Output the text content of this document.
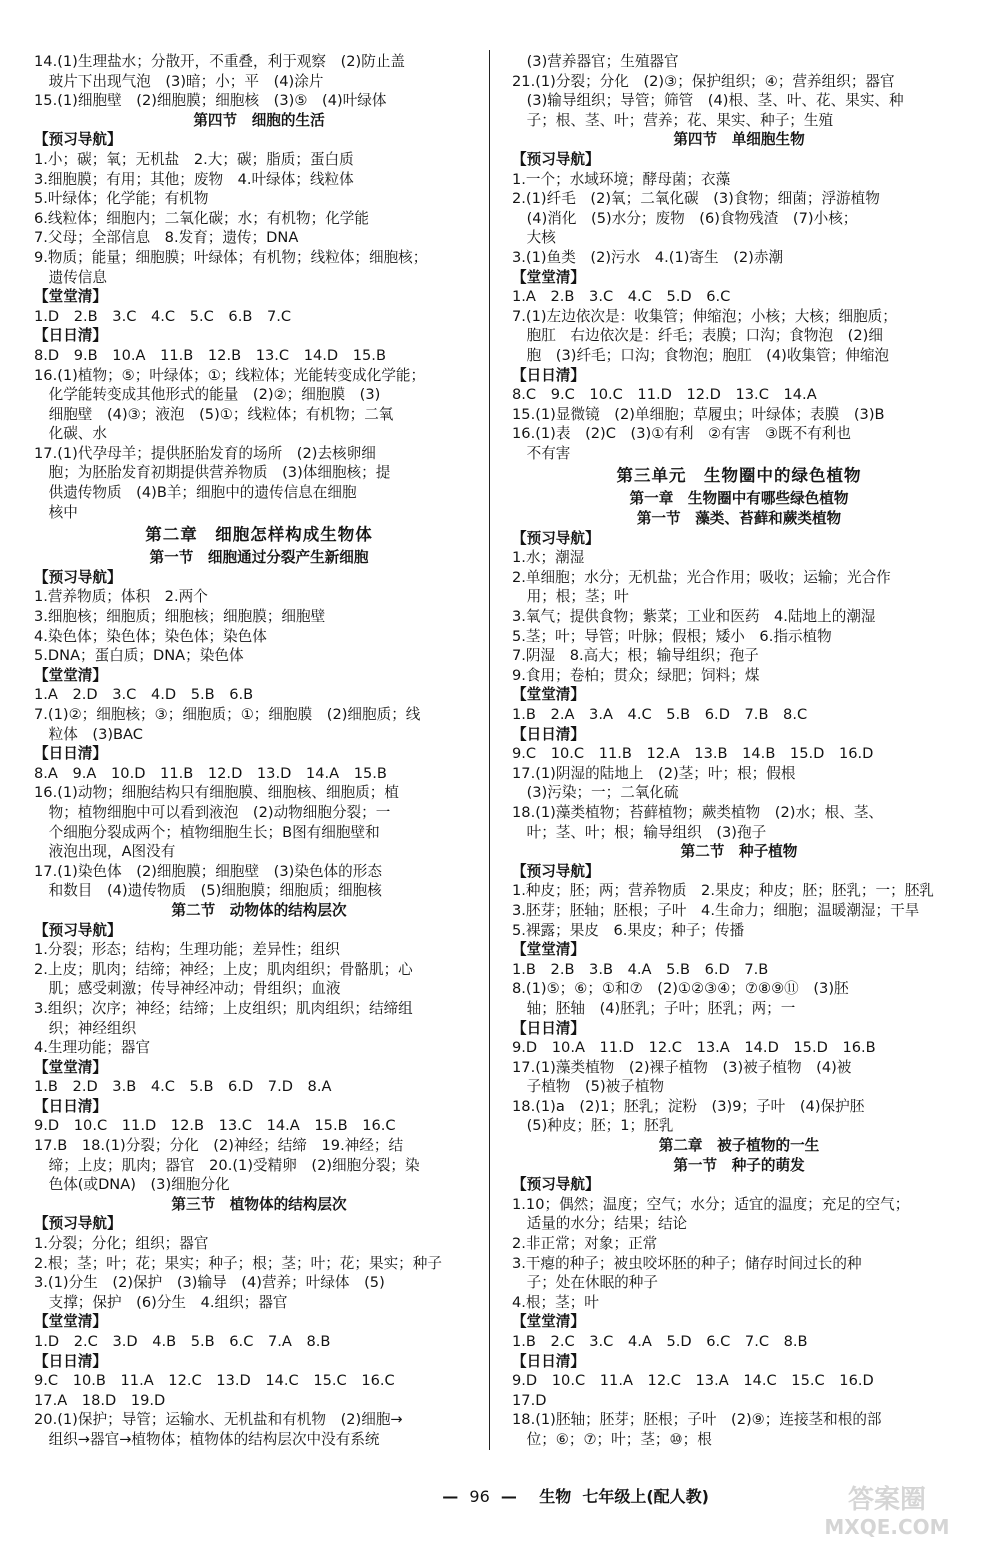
14.(1)生理盐水；分散开，不重叠，利于观察　(2)防止盖
　玻片下出现气泡　(3)暗；小；平　(4)涂片
15.(1)细胞壁　(2)细胞膜；细胞核　(3)⑤　(4)叶绿体
第四节　细胞的生活
【预习导航】
1.小；碳；氧；无机盐　2.大；碳；脂质；蛋白质
3.细胞膜；有用；其他；废物　4.叶绿体；线粒体
5.叶绿体；化学能；有机物
6.线粒体；细胞内；二氧化碳；水；有机物；化学能
7.父母；全部信息　8.发育；遗传；DNA
9.物质；能量；细胞膜；叶绿体；有机物；线粒体；细胞核；
　遗传信息
【堂堂清】
1.D　2.B　3.C　4.C　5.C　6.B　7.C
【日日清】
8.D　9.B　10.A　11.B　12.B　13.C　14.D　15.B
16.(1)植物；⑤；叶绿体；①；线粒体；光能转变成化学能；
　化学能转变成其他形式的能量　(2)②；细胞膜　(3)
　细胞壁　(4)③；液泡　(5)①；线粒体；有机物；二氧
　化碳、水
17.(1)代孕母羊；提供胚胎发育的场所　(2)去核卵细
　胞；为胚胎发育初期提供营养物质　(3)体细胞核；提
　供遗传物质　(4)B羊；细胞中的遗传信息在细胞
　核中
第二章　细胞怎样构成生物体
第一节　细胞通过分裂产生新细胞
【预习导航】
1.营养物质；体积　2.两个
3.细胞核；细胞质；细胞核；细胞膜；细胞壁
4.染色体；染色体；染色体；染色体
5.DNA；蛋白质；DNA；染色体
【堂堂清】
1.A　2.D　3.C　4.D　5.B　6.B
7.(1)②；细胞核；③；细胞质；①；细胞膜　(2)细胞质；线
　粒体　(3)BAC
【日日清】
8.A　9.A　10.D　11.B　12.D　13.D　14.A　15.B
16.(1)动物；细胞结构只有细胞膜、细胞核、细胞质；植
　物；植物细胞中可以看到液泡　(2)动物细胞分裂；一
　个细胞分裂成两个；植物细胞生长；B图有细胞壁和
　液泡出现，A图没有
17.(1)染色体　(2)细胞膜；细胞壁　(3)染色体的形态
　和数目　(4)遗传物质　(5)细胞膜；细胞质；细胞核
第二节　动物体的结构层次
【预习导航】
1.分裂；形态；结构；生理功能；差异性；组织
2.上皮；肌肉；结缔；神经；上皮；肌肉组织；骨骼肌；心
　肌；感受刺激；传导神经冲动；骨组织；血液
3.组织；次序；神经；结缔；上皮组织；肌肉组织；结缔组
　织；神经组织
4.生理功能；器官
【堂堂清】
1.B　2.D　3.B　4.C　5.B　6.D　7.D　8.A
【日日清】
9.D　10.C　11.D　12.B　13.C　14.A　15.B　16.C
17.B　18.(1)分裂；分化　(2)神经；结缔　19.神经；结
　缔；上皮；肌肉；器官　20.(1)受精卵　(2)细胞分裂；染
　色体(或DNA)　(3)细胞分化
第三节　植物体的结构层次
【预习导航】
1.分裂；分化；组织；器官
2.根；茎；叶；花；果实；种子；根；茎；叶；花；果实；种子
3.(1)分生　(2)保护　(3)输导　(4)营养；叶绿体　(5)
　支撑；保护　(6)分生　4.组织；器官
【堂堂清】
1.D　2.C　3.D　4.B　5.B　6.C　7.A　8.B
【日日清】
9.C　10.B　11.A　12.C　13.D　14.C　15.C　16.C
17.A　18.D　19.D
20.(1)保护；导管；运输水、无机盐和有机物　(2)细胞→
　组织→器官→植物体；植物体的结构层次中没有系统
　(3)营养器官；生殖器官
21.(1)分裂；分化　(2)③；保护组织；④；营养组织；器官
　(3)输导组织；导管；筛管　(4)根、茎、叶、花、果实、种
　子；根、茎、叶；营养；花、果实、种子；生殖
第四节　单细胞生物
【预习导航】
1.一个；水域环境；酵母菌；衣藻
2.(1)纤毛　(2)氧；二氧化碳　(3)食物；细菌；浮游植物
　(4)消化　(5)水分；废物　(6)食物残渣　(7)小核；
　大核
3.(1)鱼类　(2)污水　4.(1)寄生　(2)赤潮
【堂堂清】
1.A　2.B　3.C　4.C　5.D　6.C
7.(1)左边依次是：收集管；伸缩泡；小核；大核；细胞质；
　胞肛　右边依次是：纤毛；表膜；口沟；食物泡　(2)细
　胞　(3)纤毛；口沟；食物泡；胞肛　(4)收集管；伸缩泡
【日日清】
8.C　9.C　10.C　11.D　12.D　13.C　14.A
15.(1)显微镜　(2)单细胞；草履虫；叶绿体；表膜　(3)B
16.(1)表　(2)C　(3)①有利　②有害　③既不有利也
　不有害
第三单元　生物圈中的绿色植物
第一章　生物圈中有哪些绿色植物
第一节　藻类、苔藓和蕨类植物
【预习导航】
1.水；潮湿
2.单细胞；水分；无机盐；光合作用；吸收；运输；光合作
　用；根；茎；叶
3.氧气；提供食物；紫菜；工业和医药　4.陆地上的潮湿
5.茎；叶；导管；叶脉；假根；矮小　6.指示植物
7.阴湿　8.高大；根；输导组织；孢子
9.食用；卷柏；贯众；绿肥；饲料；煤
【堂堂清】
1.B　2.A　3.A　4.C　5.B　6.D　7.B　8.C
【日日清】
9.C　10.C　11.B　12.A　13.B　14.B　15.D　16.D
17.(1)阴湿的陆地上　(2)茎；叶；根；假根
　(3)污染；一；二氧化硫
18.(1)藻类植物；苔藓植物；蕨类植物　(2)水；根、茎、
　叶；茎、叶；根；输导组织　(3)孢子
第二节　种子植物
【预习导航】
1.种皮；胚；两；营养物质　2.果皮；种皮；胚；胚乳；一；胚乳
3.胚芽；胚轴；胚根；子叶　4.生命力；细胞；温暖潮湿；干旱
5.裸露；果皮　6.果皮；种子；传播
【堂堂清】
1.B　2.B　3.B　4.A　5.B　6.D　7.B
8.(1)⑤；⑥；①和⑦　(2)①②③④；⑦⑧⑨⑪　(3)胚
　轴；胚轴　(4)胚乳；子叶；胚乳；两；一
【日日清】
9.D　10.A　11.D　12.C　13.A　14.D　15.D　16.B
17.(1)藻类植物　(2)裸子植物　(3)被子植物　(4)被
　子植物　(5)被子植物
18.(1)a　(2)1；胚乳；淀粉　(3)9；子叶　(4)保护胚
　(5)种皮；胚；1；胚乳
第二章　被子植物的一生
第一节　种子的萌发
【预习导航】
1.10；偶然；温度；空气；水分；适宜的温度；充足的空气；
　适量的水分；结果；结论
2.非正常；对象；正常
3.干瘪的种子；被虫咬坏胚的种子；储存时间过长的种
　子；处在休眠的种子
4.根；茎；叶
【堂堂清】
1.B　2.C　3.C　4.A　5.D　6.C　7.C　8.B
【日日清】
9.D　10.C　11.A　12.C　13.A　14.C　15.C　16.D
17.D
18.(1)胚轴；胚芽；胚根；子叶　(2)⑨；连接茎和根的部
　位；⑥；⑦；叶；茎；⑩；根

—  96  —    生物 七年级上(配人教)
	答案圈
MXQE.COM
